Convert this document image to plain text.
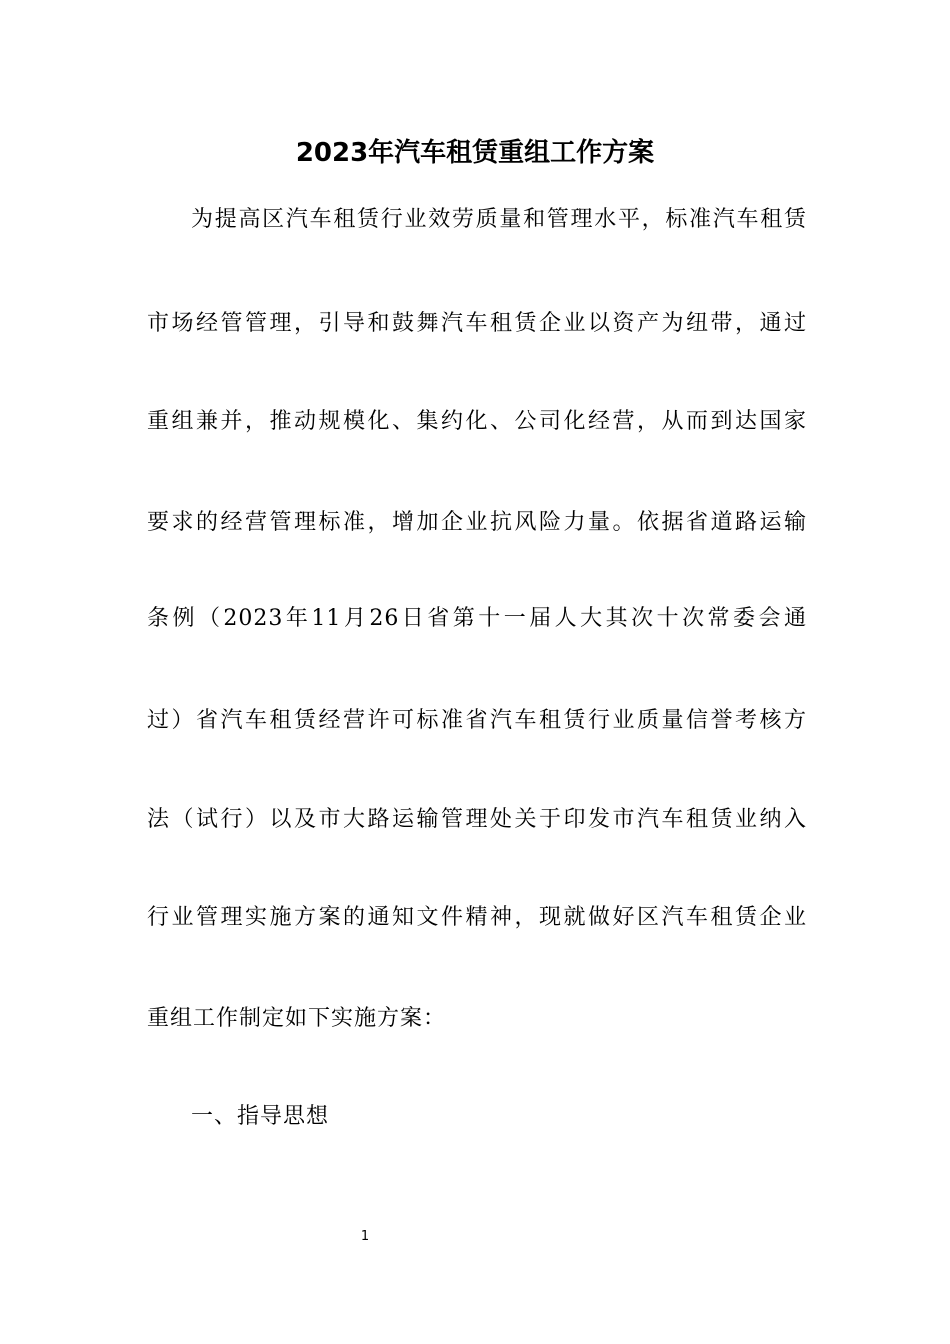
2023年汽车租赁重组工作方案
为提高区汽车租赁行业效劳质量和管理水平，标准汽车租赁
市场经管管理，引导和鼓舞汽车租赁企业以资产为纽带，通过
重组兼并，推动规模化、集约化、公司化经营，从而到达国家
要求的经营管理标准，增加企业抗风险力量。依据省道路运输
条例（2023年11月26日省第十一届人大其次十次常委会通
过）省汽车租赁经营许可标准省汽车租赁行业质量信誉考核方
法（试行）以及市大路运输管理处关于印发市汽车租赁业纳入
行业管理实施方案的通知文件精神，现就做好区汽车租赁企业
重组工作制定如下实施方案：
一、指导思想
1
